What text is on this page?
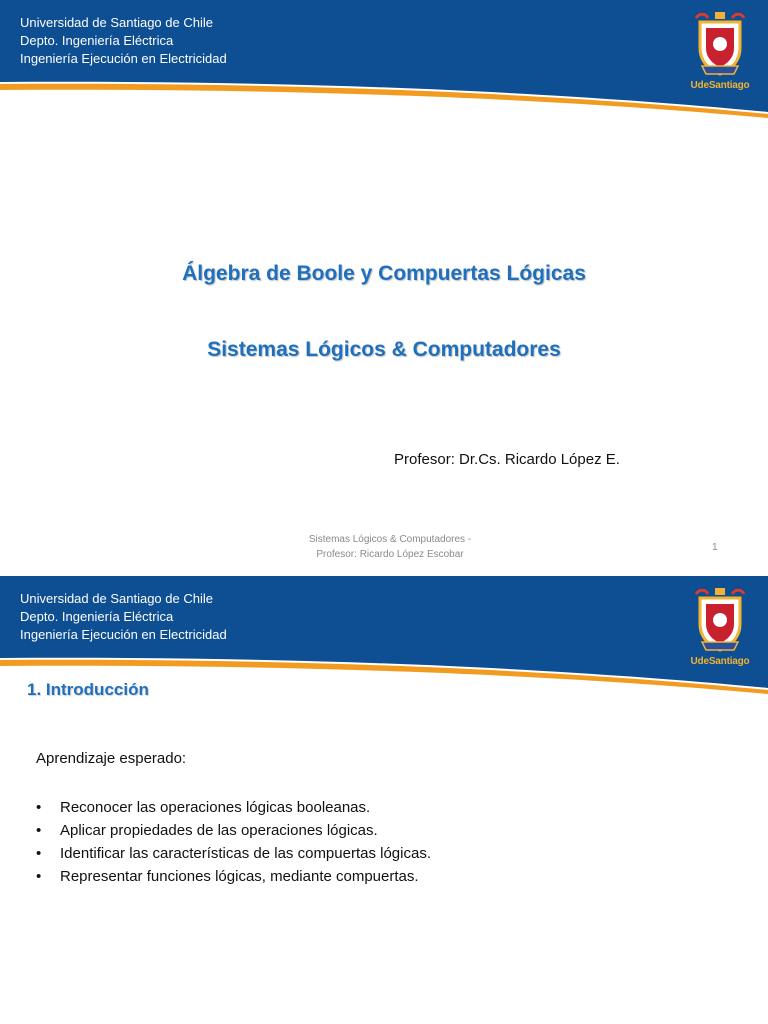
Universidad de Santiago de Chile
Depto. Ingeniería Eléctrica
Ingeniería Ejecución en Electricidad
UdeSantiago
Álgebra de Boole y Compuertas Lógicas
Sistemas Lógicos & Computadores
Profesor: Dr.Cs. Ricardo López E.
Sistemas Lógicos & Computadores -
Profesor: Ricardo López Escobar
1
Universidad de Santiago de Chile
Depto. Ingeniería Eléctrica
Ingeniería Ejecución en Electricidad
UdeSantiago
1. Introducción
Aprendizaje esperado:
• Reconocer las operaciones lógicas booleanas.
• Aplicar propiedades de las operaciones lógicas.
• Identificar las características de las compuertas lógicas.
• Representar funciones lógicas, mediante compuertas.
